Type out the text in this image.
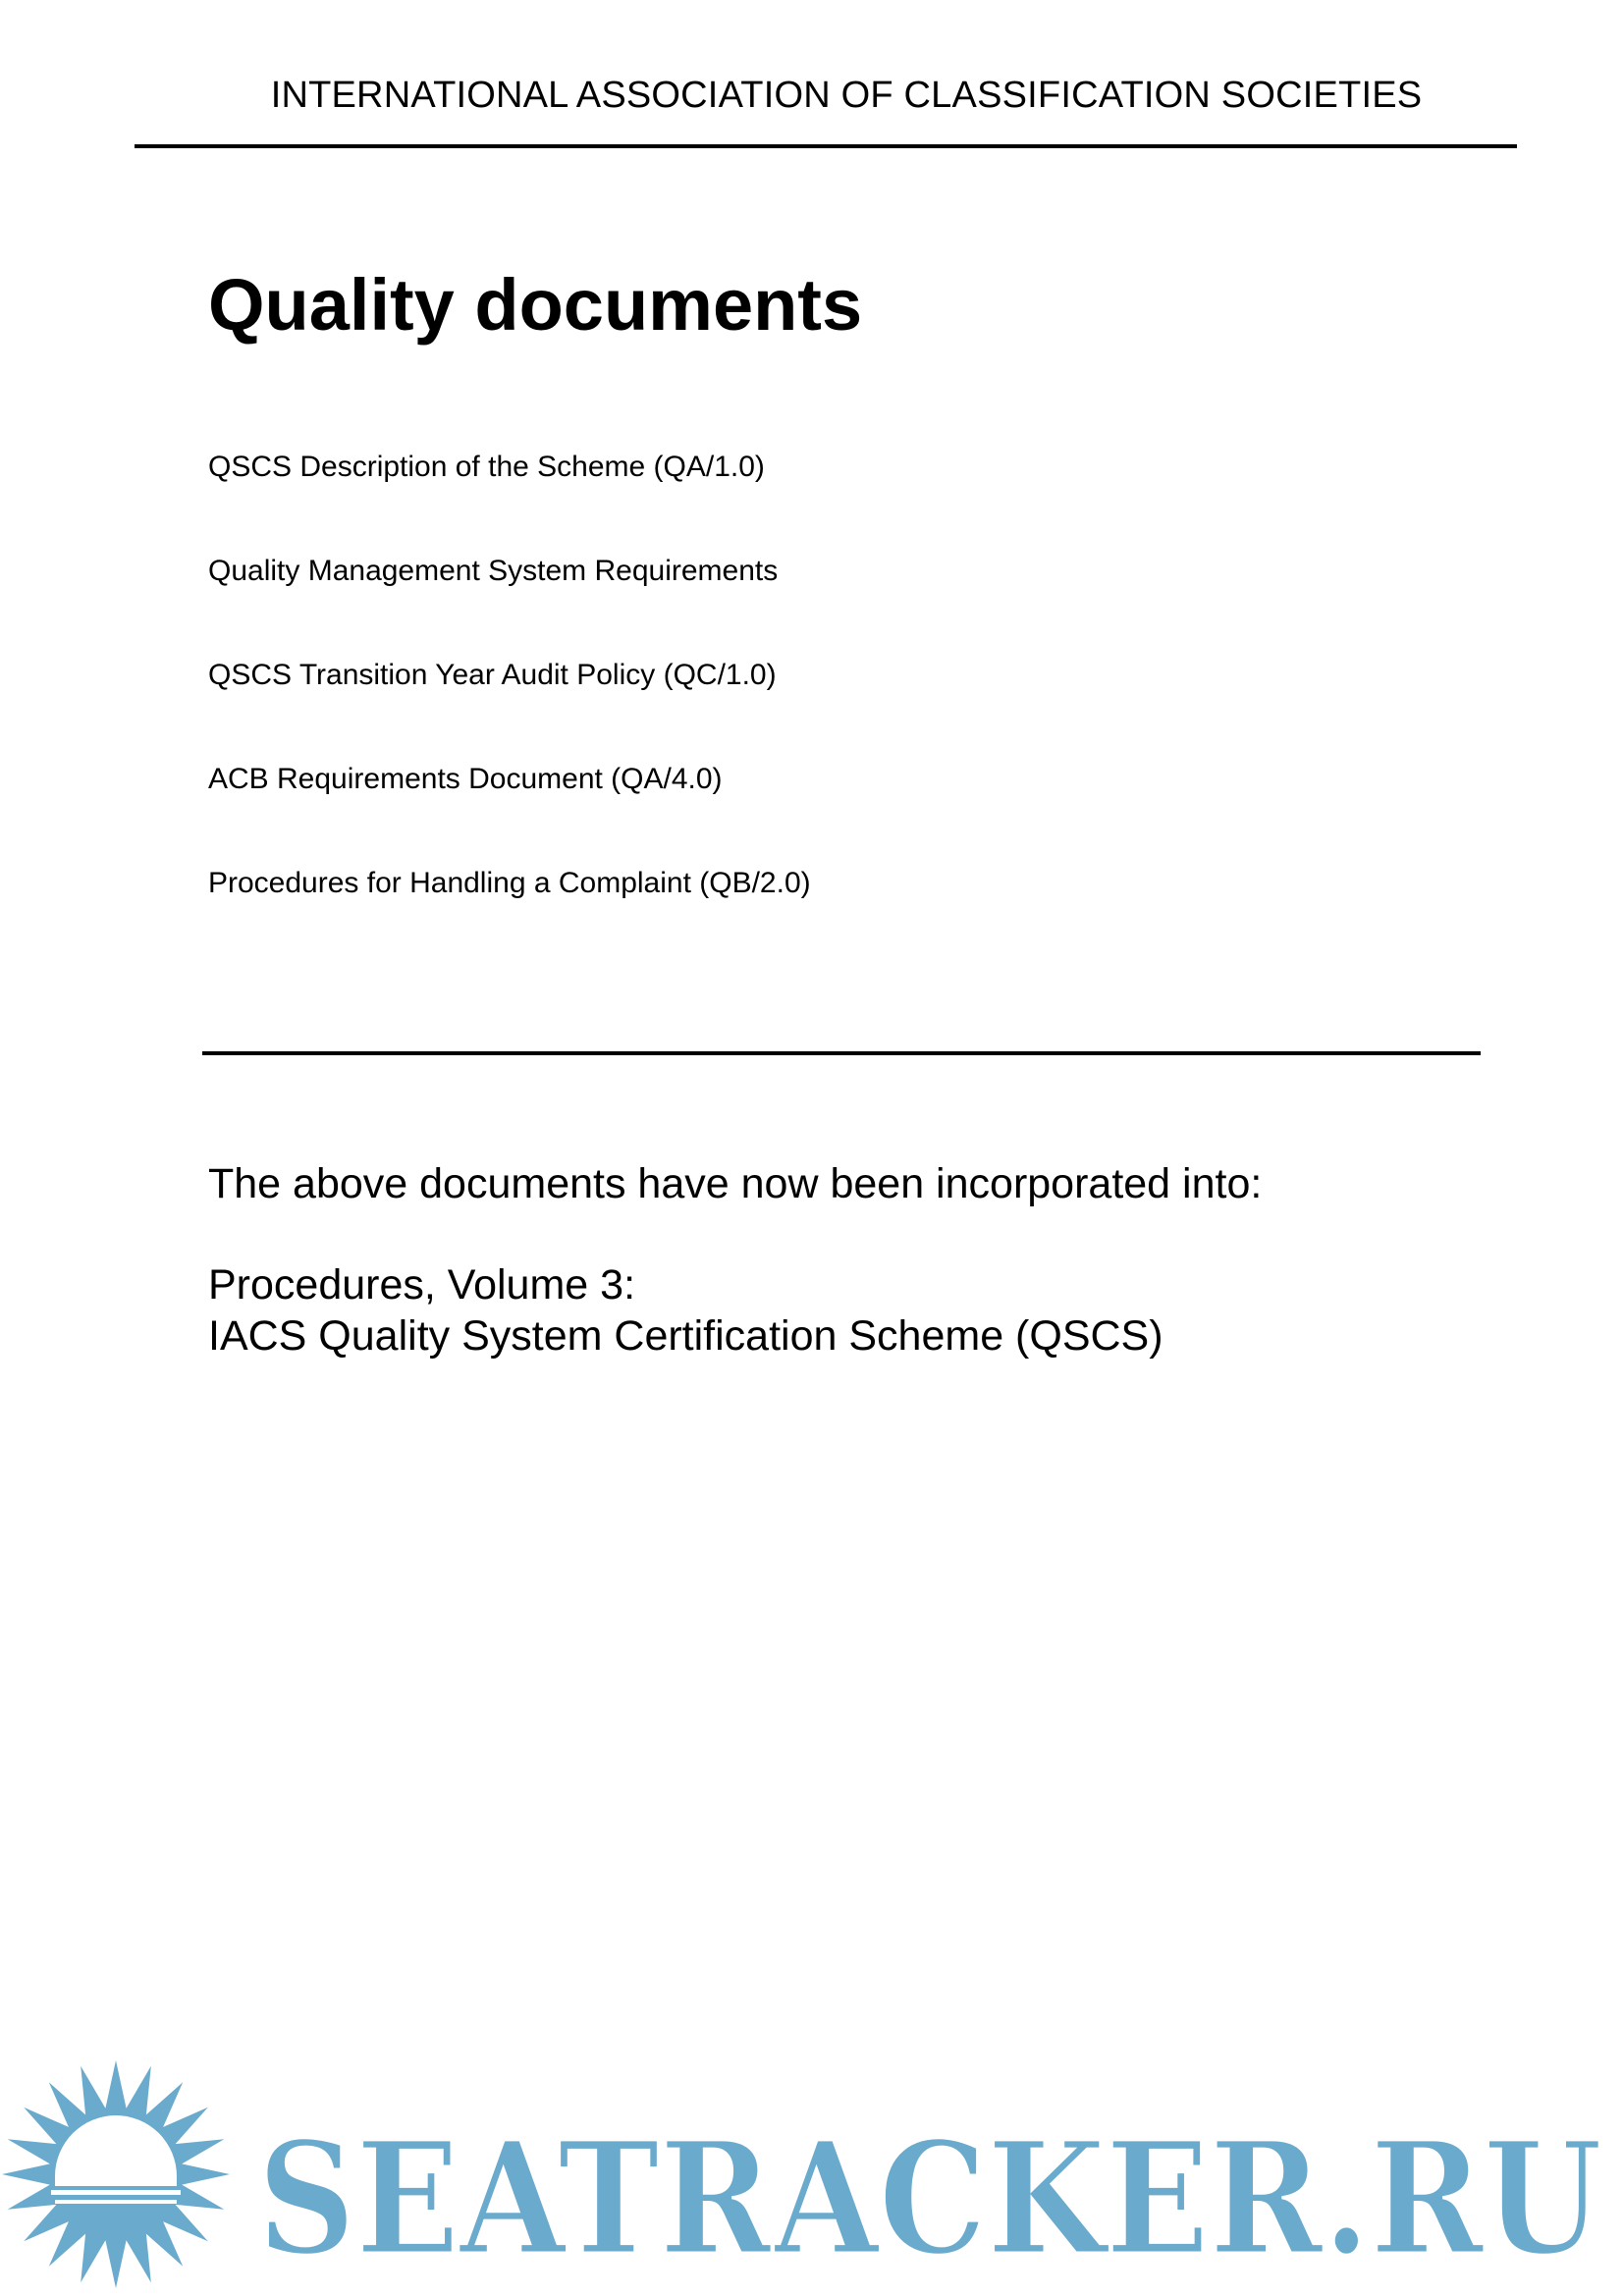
INTERNATIONAL ASSOCIATION OF CLASSIFICATION SOCIETIES
Quality documents
QSCS Description of the Scheme (QA/1.0)
Quality Management System Requirements
QSCS Transition Year Audit Policy (QC/1.0)
ACB Requirements Document (QA/4.0)
Procedures for Handling a Complaint (QB/2.0)
The above documents have now been incorporated into:
Procedures, Volume 3:
IACS Quality System Certification Scheme (QSCS)
SEATRACKER.RU
